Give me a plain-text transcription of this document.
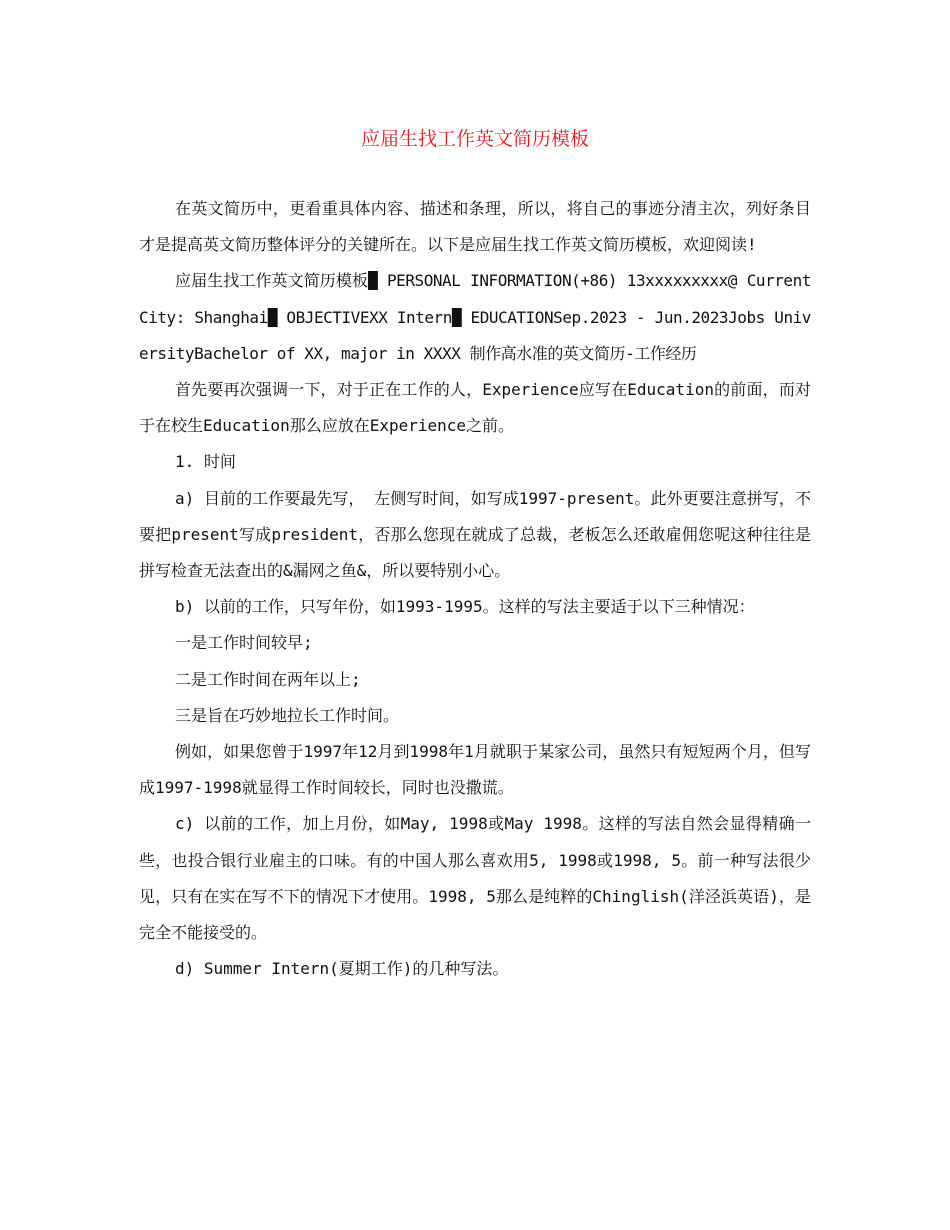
应届生找工作英文简历模板

在英文简历中，更看重具体内容、描述和条理，所以，将自己的事迹分清主次，列好条目才是提高英文简历整体评分的关键所在。以下是应届生找工作英文简历模板，欢迎阅读!

应届生找工作英文简历模板█ PERSONAL INFORMATION(+86) 13xxxxxxxxx@ Current City: Shanghai█ OBJECTIVEXX Intern█ EDUCATIONSep.2023 - Jun.2023Jobs UniversityBachelor of XX, major in XXXX 制作高水准的英文简历-工作经历

首先要再次强调一下，对于正在工作的人，Experience应写在Education的前面，而对于在校生Education那么应放在Experience之前。

1. 时间

a) 目前的工作要最先写， 左侧写时间，如写成1997-present。此外更要注意拼写，不要把present写成president，否那么您现在就成了总裁，老板怎么还敢雇佣您呢这种往往是拼写检查无法查出的&漏网之鱼&，所以要特别小心。

b) 以前的工作，只写年份，如1993-1995。这样的写法主要适于以下三种情况：

一是工作时间较早;

二是工作时间在两年以上;

三是旨在巧妙地拉长工作时间。

例如，如果您曾于1997年12月到1998年1月就职于某家公司，虽然只有短短两个月，但写成1997-1998就显得工作时间较长，同时也没撒谎。

c) 以前的工作，加上月份，如May, 1998或May 1998。这样的写法自然会显得精确一些，也投合银行业雇主的口味。有的中国人那么喜欢用5, 1998或1998, 5。前一种写法很少见，只有在实在写不下的情况下才使用。1998, 5那么是纯粹的Chinglish(洋泾浜英语)，是完全不能接受的。

d) Summer Intern(夏期工作)的几种写法。
